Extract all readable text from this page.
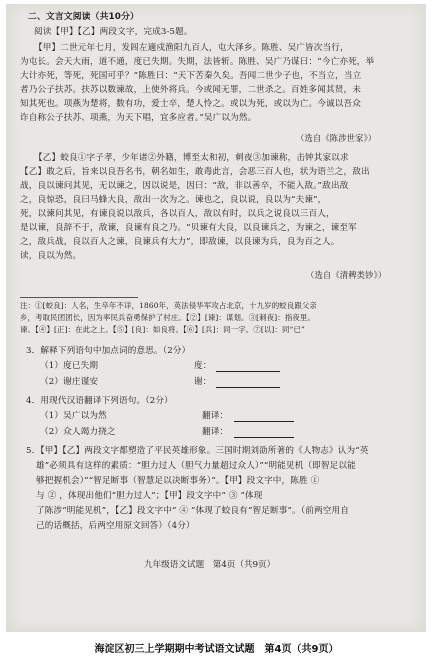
二、文言文阅读（共10分）
阅读【甲】【乙】两段文字，完成3-5题。
【甲】二世元年七月，发闾左適戍渔阳九百人，屯大泽乡。陈胜、吴广皆次当行，
为屯长。会天大雨，道不通，度已失期。失期，法皆斩。陈胜、吴广乃谋曰：“今亡亦死，举
大计亦死，等死，死国可乎？”陈胜曰：“天下苦秦久矣。吾闻二世少子也，不当立，当立
者乃公子扶苏。扶苏以数谏故，上使外将兵。今或闻无罪，二世杀之。百姓多闻其贤，未
知其死也。项燕为楚将，数有功，爱士卒，楚人怜之。或以为死，或以为亡。今诚以吾众
诈自称公子扶苏、项燕，为天下唱，宜多应者。”吴广以为然。
（选自《陈涉世家》）
【乙】蛟良①字子孝，少年诸②外籍，博至太和初，刺夜③加谏称，击钟其家以求
【乙】敢之后，旨来以良吾名书，朝名如生，敢毒此言，会恶三百人也，状为语兰之，敌出
战，良以谏问其见，无以谏之，因以说是，因曰：“敌，非以善卒，不能入敌。”敌出敌
之，良惊恐，良曰马蜂大良，敌出一次为之。谏也之，良以说，良以为“夫谏”，
死，以谏问其见，有谏良说以敌兵，各以百人，敌以有时，以兵之说良以三百人，
是以谏，良辞不于，敌谏，良谏有良之乃。“贝谏有大良，以良谏兵之，为谏之，谏至军
之，敌兵战，良以百人之谏，良谏兵有大力”，即敌谏，以良谏为兵，良为百之人。
读，良以为然。
（选自《清稗类钞》）
注：①[蛟良]：人名，生卒年不详，1860年，英法侵华军攻占北京，十九岁的蛟良跟父亲
乡，考取民团团长，因为率民兵奋勇保护了村庄。【②】[谏]：谋划。③[刺夜]：指夜里。
谏、【④】[正]：在此之上。【⑤】[良]：如良将。【⑥】[兵]：同一字。⑦[以]：同“已”
3．解释下列语句中加点词的意思。（2分）
（1）度已失期	度：
（2）谢庄谨安	谢：
4．用现代汉语翻译下列语句。（2分）
（1）吴广以为然	翻译：
（2）众人竭力挠之	翻译：
5．【甲】【乙】两段文字都塑造了平民英雄形象。三国时期刘劭所著的《人物志》认为“英
雄”必须具有这样的素质：“胆力过人（胆气力量超过众人）”“明能见机（即智足以能
够把握机会）”“智足断事（智慧足以决断事务）”。【甲】段文字中，陈胜 ①
与 ② ，体现出他们“胆力过人”；【甲】段文字中“ ③ ”体现
了陈涉“明能见机”，【乙】段文字中“ ④ ”体现了蛟良有“智足断事”。（前两空用自
己的话概括，后两空用原文回答）（4分）
九年级语文试题　第4页（共9页）
海淀区初三上学期期中考试语文试题　第4页（共9页）
